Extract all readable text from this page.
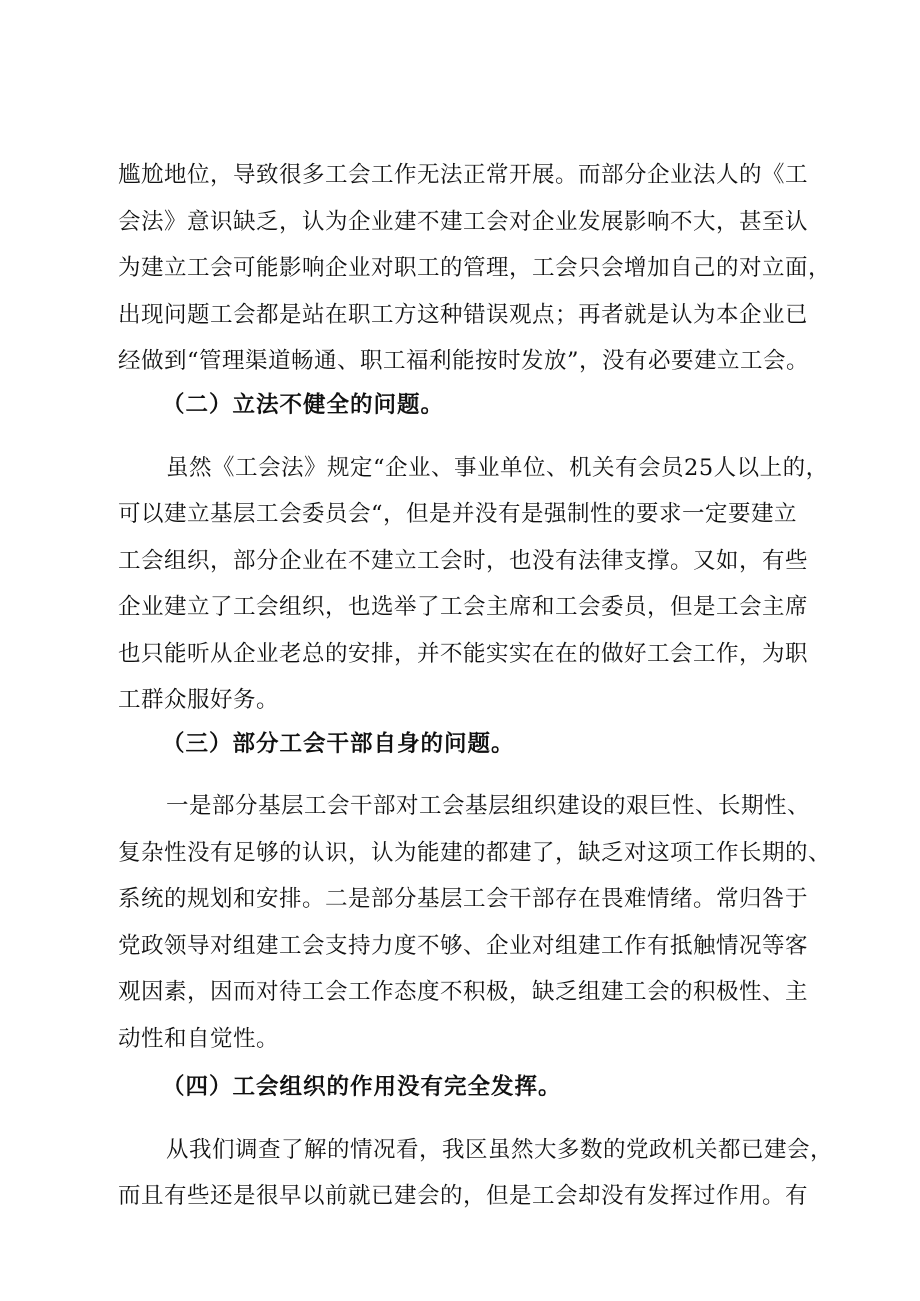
尴尬地位，导致很多工会工作无法正常开展。而部分企业法人的《工
会法》意识缺乏，认为企业建不建工会对企业发展影响不大，甚至认
为建立工会可能影响企业对职工的管理，工会只会增加自己的对立面，
出现问题工会都是站在职工方这种错误观点；再者就是认为本企业已
经做到“管理渠道畅通、职工福利能按时发放”，没有必要建立工会。
（二）立法不健全的问题。
虽然《工会法》规定“企业、事业单位、机关有会员25人以上的，
可以建立基层工会委员会“，但是并没有是强制性的要求一定要建立
工会组织，部分企业在不建立工会时，也没有法律支撑。又如，有些
企业建立了工会组织，也选举了工会主席和工会委员，但是工会主席
也只能听从企业老总的安排，并不能实实在在的做好工会工作，为职
工群众服好务。
（三）部分工会干部自身的问题。
一是部分基层工会干部对工会基层组织建设的艰巨性、长期性、
复杂性没有足够的认识，认为能建的都建了，缺乏对这项工作长期的、
系统的规划和安排。二是部分基层工会干部存在畏难情绪。常归咎于
党政领导对组建工会支持力度不够、企业对组建工作有抵触情况等客
观因素，因而对待工会工作态度不积极，缺乏组建工会的积极性、主
动性和自觉性。
（四）工会组织的作用没有完全发挥。
从我们调查了解的情况看，我区虽然大多数的党政机关都已建会，
而且有些还是很早以前就已建会的，但是工会却没有发挥过作用。有
